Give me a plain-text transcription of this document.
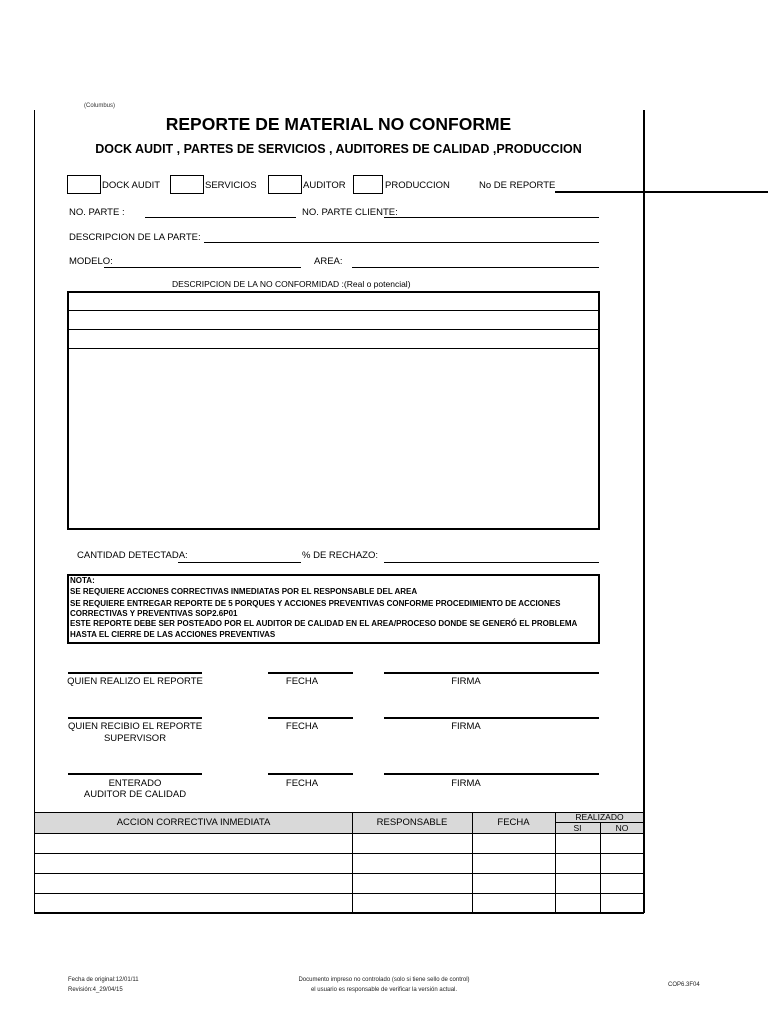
(Columbus)
REPORTE DE MATERIAL NO CONFORME
DOCK AUDIT , PARTES DE SERVICIOS , AUDITORES DE CALIDAD ,PRODUCCION
DOCK AUDIT	SERVICIOS	AUDITOR	PRODUCCION	No DE REPORTE
NO. PARTE :	NO. PARTE CLIENTE:
DESCRIPCION DE LA PARTE:
MODELO:	AREA:
DESCRIPCION DE LA NO CONFORMIDAD :(Real o potencial)
CANTIDAD DETECTADA:	% DE RECHAZO:
NOTA:
SE REQUIERE ACCIONES CORRECTIVAS INMEDIATAS POR EL RESPONSABLE DEL AREA
SE REQUIERE ENTREGAR REPORTE DE 5 PORQUES Y ACCIONES PREVENTIVAS CONFORME PROCEDIMIENTO DE ACCIONES
CORRECTIVAS Y PREVENTIVAS SOP2.6P01
ESTE REPORTE DEBE SER POSTEADO POR EL AUDITOR DE CALIDAD EN EL AREA/PROCESO DONDE SE GENERÓ EL PROBLEMA
HASTA EL CIERRE DE LAS ACCIONES PREVENTIVAS
QUIEN REALIZO EL REPORTE	FECHA	FIRMA
QUIEN RECIBIO EL REPORTE
SUPERVISOR
FECHA	FIRMA
ENTERADO
AUDITOR DE CALIDAD
FECHA	FIRMA
ACCION CORRECTIVA INMEDIATA	RESPONSABLE	FECHA	REALIZADO
SI	NO
Fecha de original:12/01/11
Revisión:4_29/04/15
Documento impreso no controlado (solo si tiene sello de control)
el usuario es responsable de verificar la versión actual.
COP6.3F04
